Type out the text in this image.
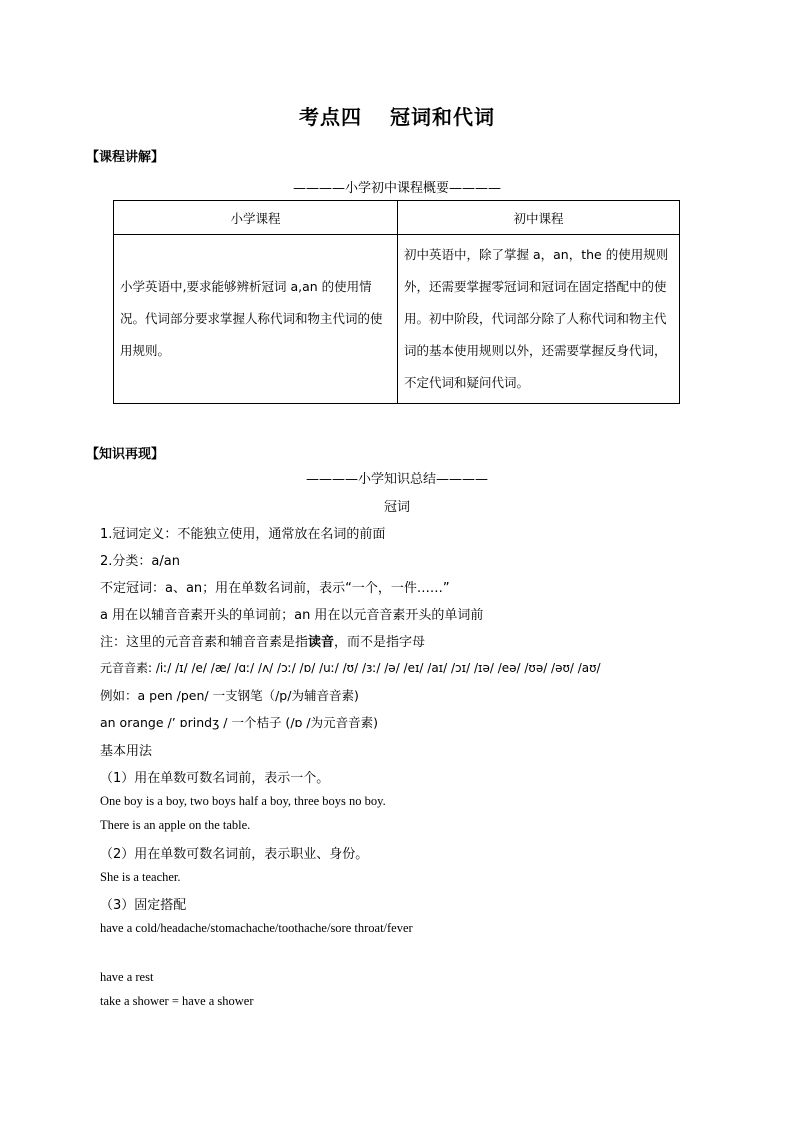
考点四 冠词和代词
【课程讲解】
————小学初中课程概要————
小学课程	初中课程
小学英语中,要求能够辨析冠词 a,an 的使用情况。代词部分要求掌握人称代词和物主代词的使用规则。	初中英语中，除了掌握 a，an，the 的使用规则外，还需要掌握零冠词和冠词在固定搭配中的使用。初中阶段，代词部分除了人称代词和物主代词的基本使用规则以外，还需要掌握反身代词，不定代词和疑问代词。
【知识再现】
————小学知识总结————
冠词
1.冠词定义：不能独立使用，通常放在名词的前面
2.分类：a/an
不定冠词：a、an；用在单数名词前，表示“一个，一件……”
a 用在以辅音音素开头的单词前；an 用在以元音音素开头的单词前
注：这里的元音音素和辅音音素是指读音，而不是指字母
元音音素: /iː/ /ɪ/ /e/ /æ/ /ɑː/ /ʌ/ /ɔː/ /ɒ/ /uː/ /ʊ/ /ɜː/ /ə/ /eɪ/ /aɪ/ /ɔɪ/ /ɪə/ /eə/ /ʊə/ /əʊ/ /aʊ/
例如：a pen /pen/ 一支钢笔（/p/为辅音音素)
an orange /’ ɒrindʒ / 一个桔子 (/ɒ /为元音音素)
基本用法
（1）用在单数可数名词前，表示一个。
One boy is a boy, two boys half a boy, three boys no boy.
There is an apple on the table.
（2）用在单数可数名词前，表示职业、身份。
She is a teacher.
（3）固定搭配
have a cold/headache/stomachache/toothache/sore throat/fever
have a rest
take a shower = have a shower
